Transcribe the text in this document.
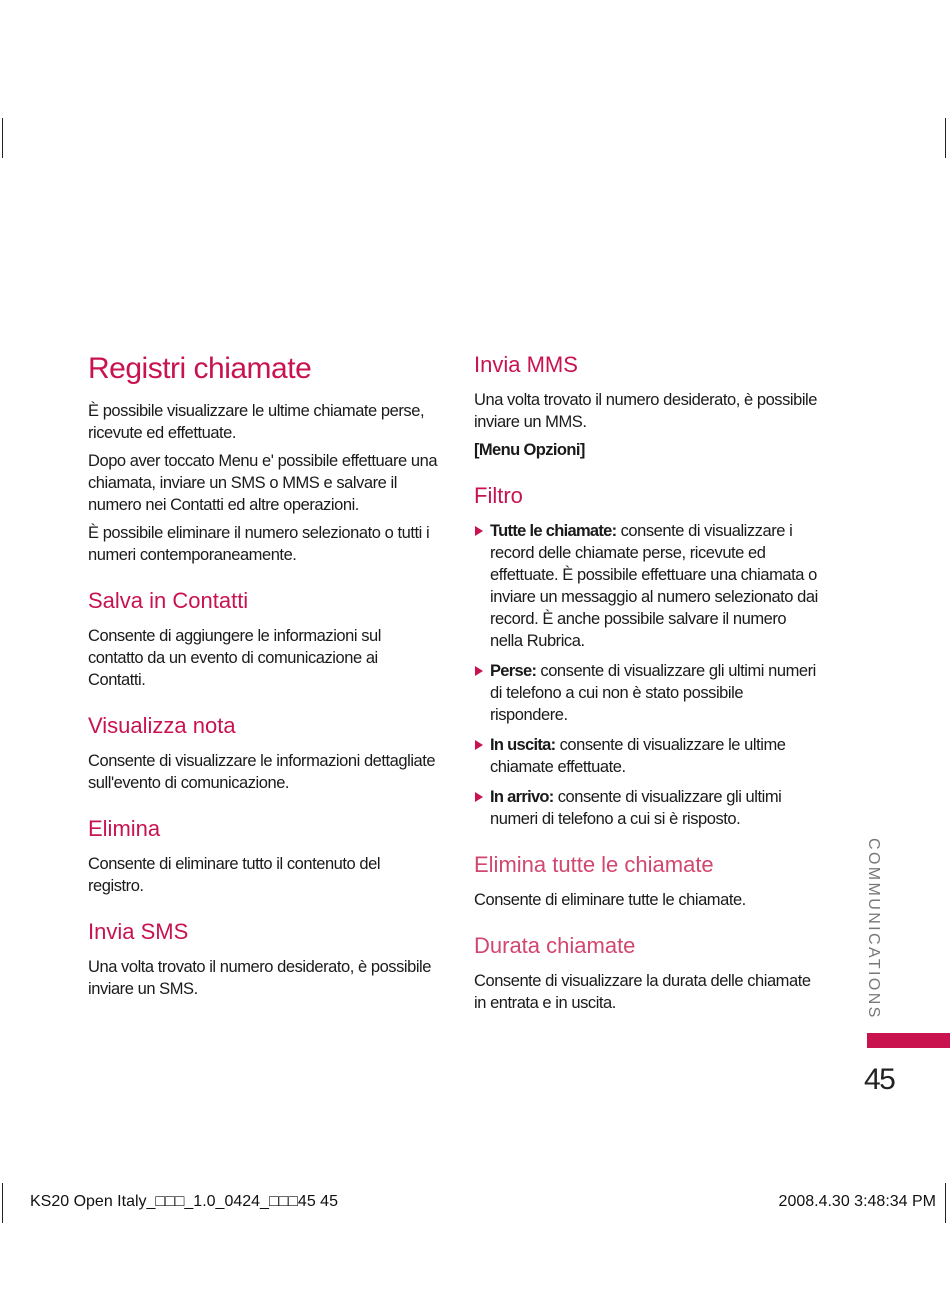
Registri chiamate

È possibile visualizzare le ultime chiamate perse, ricevute ed effettuate.

Dopo aver toccato Menu e' possibile effettuare una chiamata, inviare un SMS o MMS e salvare il numero nei Contatti ed altre operazioni.

È possibile eliminare il numero selezionato o tutti i numeri contemporaneamente.

Salva in Contatti

Consente di aggiungere le informazioni sul contatto da un evento di comunicazione ai Contatti.

Visualizza nota

Consente di visualizzare le informazioni dettagliate sull'evento di comunicazione.

Elimina

Consente di eliminare tutto il contenuto del registro.

Invia SMS

Una volta trovato il numero desiderato, è possibile inviare un SMS.

Invia MMS

Una volta trovato il numero desiderato, è possibile inviare un MMS.

[Menu Opzioni]

Filtro
Tutte le chiamate: consente di visualizzare i record delle chiamate perse, ricevute ed effettuate. È possibile effettuare una chiamata o inviare un messaggio al numero selezionato dai record. È anche possibile salvare il numero nella Rubrica.
Perse: consente di visualizzare gli ultimi numeri di telefono a cui non è stato possibile rispondere.
In uscita: consente di visualizzare le ultime chiamate effettuate.
In arrivo: consente di visualizzare gli ultimi numeri di telefono a cui si è risposto.
Elimina tutte le chiamate

Consente di eliminare tutte le chiamate.

Durata chiamate

Consente di visualizzare la durata delle chiamate in entrata e in uscita.	COMMUNICATIONS
45
KS20 Open Italy_□□□_1.0_0424_□□□45 45	2008.4.30 3:48:34 PM
